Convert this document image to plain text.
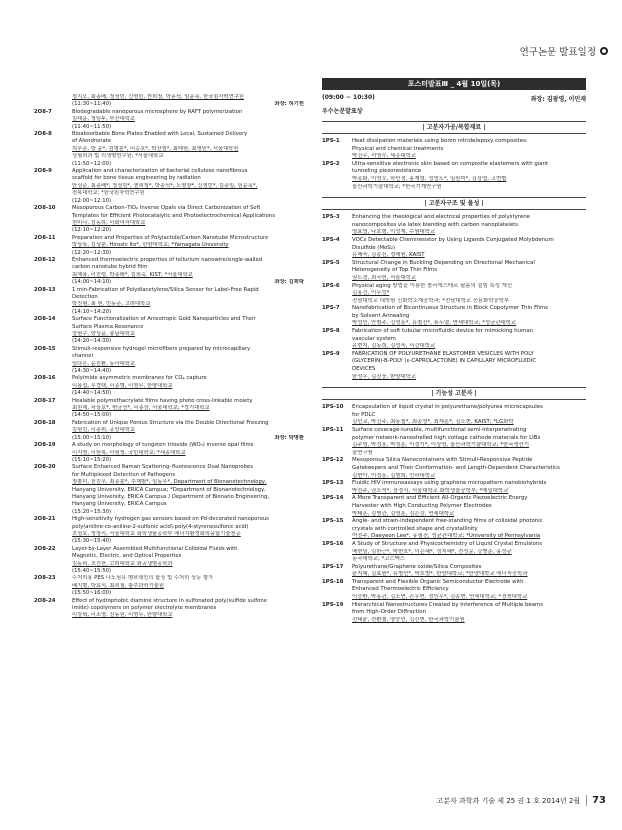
연구논문 발표일정
정지오, 최종배, 정성민, 신영민, 권희정, 박종석, 임윤묵, 한국원자력연구원
(11:30~11:40)	좌장: 허기헌
2O8-7	Biodegradable nanoporous microsphere by RAFT polymerization
김태윤, 정임두, 부산대학교
(11:40~11:50)
2O8-8	Bioabsorbable Bone Plates Enabled with Local, Sustained Delivery
of Alendronate
허우준, 방 윤*, 김명훈*, 이승호*, 박찬권*, 최태현, 최영빈*, 서울대학원
성형외과 및 의생명연구원; *서울대학교
(11:50~12:00)
2O8-9	Application and characterization of bacterial cellulose nanofibrous
scaffold for bone tissue engineering by radiation
안성준, 최종배*, 정성민*, 권희정*, 박종석*, 노영창*, 신영민*, 김종일, 임윤묵*,
전북대학교; *한국원자력연구원
(12:00~12:10)
2O8-10	Mesoporous Carbon–TiO₂ Inverse Opals via Direct Carbonization of Soft
Templates for Efficient Photocatalytic and Photoelectrochemical Applications
전미나, 김동하, 이화여자대학교
(12:10~12:20)
2O8-11	Preparation and Properties of Polylactide/Carbon Nanotube Microstructure
박상록, 김성훈, Hiroshi Ito*, 한양대학교; *Yamagata University
(12:20~12:30)
2O8-12	Enhanced thermoelectric properties of tellurium nanowire/single-walled
carbon nanotube hybrid film
최재용, 이진령, 박종래*, 김희숙, KIST; *서울대학교
(14:00~14:10)	좌장: 김희탁
2O8-13	1 min-Fabrication of Polydiacetylene/Silica Sensor for Label-Free Rapid
Detection
박진형, 최 현, 민동준, 고려대학교
(14:10~14:20)
2O8-14	Surface Functionalization of Anisotropic Gold Nanoparticles and Their
Surface Plasma Resonance
강현구, 양성윤, 충남대학교
(14:20~14:30)
2O8-15	Stimuli-responsive hydrogel microfibers prepared by microcapillary
channel
임다은, 윤진환, 동아대학교
(14:30~14:40)
2O8-16	Polyimide asymmetric membranes for CO₂ capture
이용섭, 우경택, 이종명, 이영무, 한양대학교
(14:40~14:50)
2O8-17	Healable polymethacrylate films having photo cross-linkable moiety
최원재, 차상호*, 변금선*, 이종찬, 서울대학교; *경기대학교
(14:50~15:00)
2O8-18	Fabrication of Unique Porous Structure via the Double Directional Freezing
김현진, 이종휘, 중앙대학교
(15:00~15:10)	좌장: 박명환
2O8-19	A study on morphology of tungsten trioxide (WO₃) inverse opal films
이지영, 이현복, 이현정, 국민대학교; *세종대학교
(15:10~15:20)
2O8-20	Surface Enhanced Raman Scattering–fluorescence Dual Nanoprobes
for Multiplexed Detection of Pathogens
정홍미, 전진우, 최종훈*, 주재범*, 임동우*, Department of Bionanotechnology,
Hanyang University, ERICA Campus; *Department of Bionanotechnology,
Hanyang University, ERICA Campus / Department of Bionano Engineering,
Hanyang University, ERICA Campus
(15:20~15:30)
2O8-21	High-sensitivity hydrogen gas sensors based on Pd-decorated nanoporous
poly(aniline-co-aniline-2-sulfonic acid):poly(4-styrenesulfonic acid)
조성호, 정정식, 서울대학교 화학생물공학부 에너지환경화학융합기술전공
(15:30~15:40)
2O8-22	Layer-by-Layer Assembled Multifunctional Colloidal Fluids with
Magnetic, Electric, and Optical Properties
김동희, 조진한, 고려대학교 화공생명공학과
(15:40~15:50)
2O8-23	수처리용 PES 나노섬유 멤브레인의 합성 및 수처리 성능 평가
배지명, 박효식, 최희철, 광주과학기술원
(15:50~16:00)
2O8-24	Effect of hydrophobic diamine structure in sulfonated poly(sulfide sulfone
imide) copolymers on polymer electrolyte membranes
이강혁, 이소영, 신동원, 이영무, 한양대학교
포스터발표Ⅲ _ 4월 10일(목)
(09:00 ~ 10:30)	좌장: 김광영, 이민재
우수논문발표상
| 고분자가공/복합재료 |
1PS-1	Heat dissipation materials using boron nitride/epoxy composites:
Physical and chemical treatments
박건우, 서영수, 세종대학교
1PS-2	Ultra-sensitive electronic skin based on composite elastomers with giant
tunneling piezoresistance
박종화, 이영오, 하민정, 홍재령, 정영도*, 임원미*, 김상엽, 고현협
울산과학기술대학교; *한국기계연구원
| 고분자구조 및 물성 |
1PS-3	Enhancing the rheological and electrical properties of polystyrene
nanocomposites via latex blending with carbon nanoplatelets
명효영, 나호형, 이성재, 수원대학교
1PS-4	VOCs Detectable Chemiresistor by Using Ligands Conjugated Molybdenum
Disulfide (MoS₂)
유해욱, 김종신, 정해원, KAIST
1PS-5	Structural Change in Buckling Depending on Directional Mechanical
Heterogeneity of Top Thin Films
권도경, 최국헌, 서울대학교
1PS-6	Physical aging 방법을 이용한 폴리에스테르 필름의 겉힘 특성 개선
김홍건, 이무성*
전남대학교 대학원 신화학소재공학과; *전남대학교 응용화학공학부
1PS-7	Nanofabrication of Bicontinuous Structure in Block Copolymer Thin Films
by Solvent Annealing
박성민, 안형주, 김영훈*, 유철진*, 류두열, 연세대학교; *성균관대학교
1PS-8	Fabrication of soft tubular microfluidic device for mimicking human
vascular system
유현지, 김동희, 김성욱, 서강대학교
1PS-9	FABRICATION OF POLYURETHANE ELASTOMER VESICLES WITH POLY
(GLYCERIN)-B-POLY (ε-CAPROLACTONE) IN CAPILLARY MICROFLUIDIC
DEVICES
한성우, 김진웅, 한양대학교
| 기능성 고분자 |
1PS-10	Encapsulation of liquid crystal in polyurethane/polyurea microcapsules
for PDLC
김민교, 박건주, 최동철*, 최종영*, 최재훈*, 김도현, KAIST; *LG화학
1PS-11	Surface coverage-tunable, multifunctional semi-interpenetrating
polymer network-nanoshelled high voltage cathode materials for LIBs
김주영, 박정훈, 박정훈, 이정기*, 이상영, 울산과학기술대학교; *한국생산기
술연구원
1PS-12	Mesoporous Silica Nanocontainers with Stimuli-Responsive Peptide
Gatekeepers and Their Conformation- and Length-Dependent Characteristics
김현아, 이정훈, 김형희, 인하대학교
1PS-13	Fluidic HIV immunoassays using graphene micropattern nanobiohybrids
박선주, 권오석*, 장정식, 서울대학교 화학생물공학부; *예일대학교
1PS-14	A More Transparent and Efficient All-Organic Piezoelectric Energy
Harvester with High Conducting Polymer Electrodes
박태훈, 김병관, 김영훈, 김은강, 연세대학교
1PS-15	Angle- and strain-independent free-standing films of colloidal photonic
crystals with controlled shape and crystallinity
여선주, Daeyeon Lee*, 유필진, 성균관대학교; *University of Pennsylvania
1PS-16	A Study of Structure and Physicochemistry of Liquid Crystal Emulsions
예현님, 김한근*, 박현호*, 이은혜*, 정지혜*, 전성문, 강병준, 홍성규
동국대학교; *코스맥스
1PS-17	Polyurethane/Graphene oxide/Silica Composites
윤지혜, 김효원*, 유병민*, 박호범*, 한양대학교; *한양대학교 에너지공학과
1PS-18	Transparent and Flexible Organic Semiconductor Electrode with
Enhanced Thermoelectric Efficiency
이승환, 박홍관, 김소연, 손우현, 정민우*, 김종현, 연세대학교; *경북대학교
1PS-19	Hierarchical Nanostructures Created by Interference of Multiple beams
from High-Order Diffraction
전태윤, 전환철, 양승민, 김신현, 한국과학기술원
고분자 과학과 기술 제 25 권 1 호 2014년 2월	73
